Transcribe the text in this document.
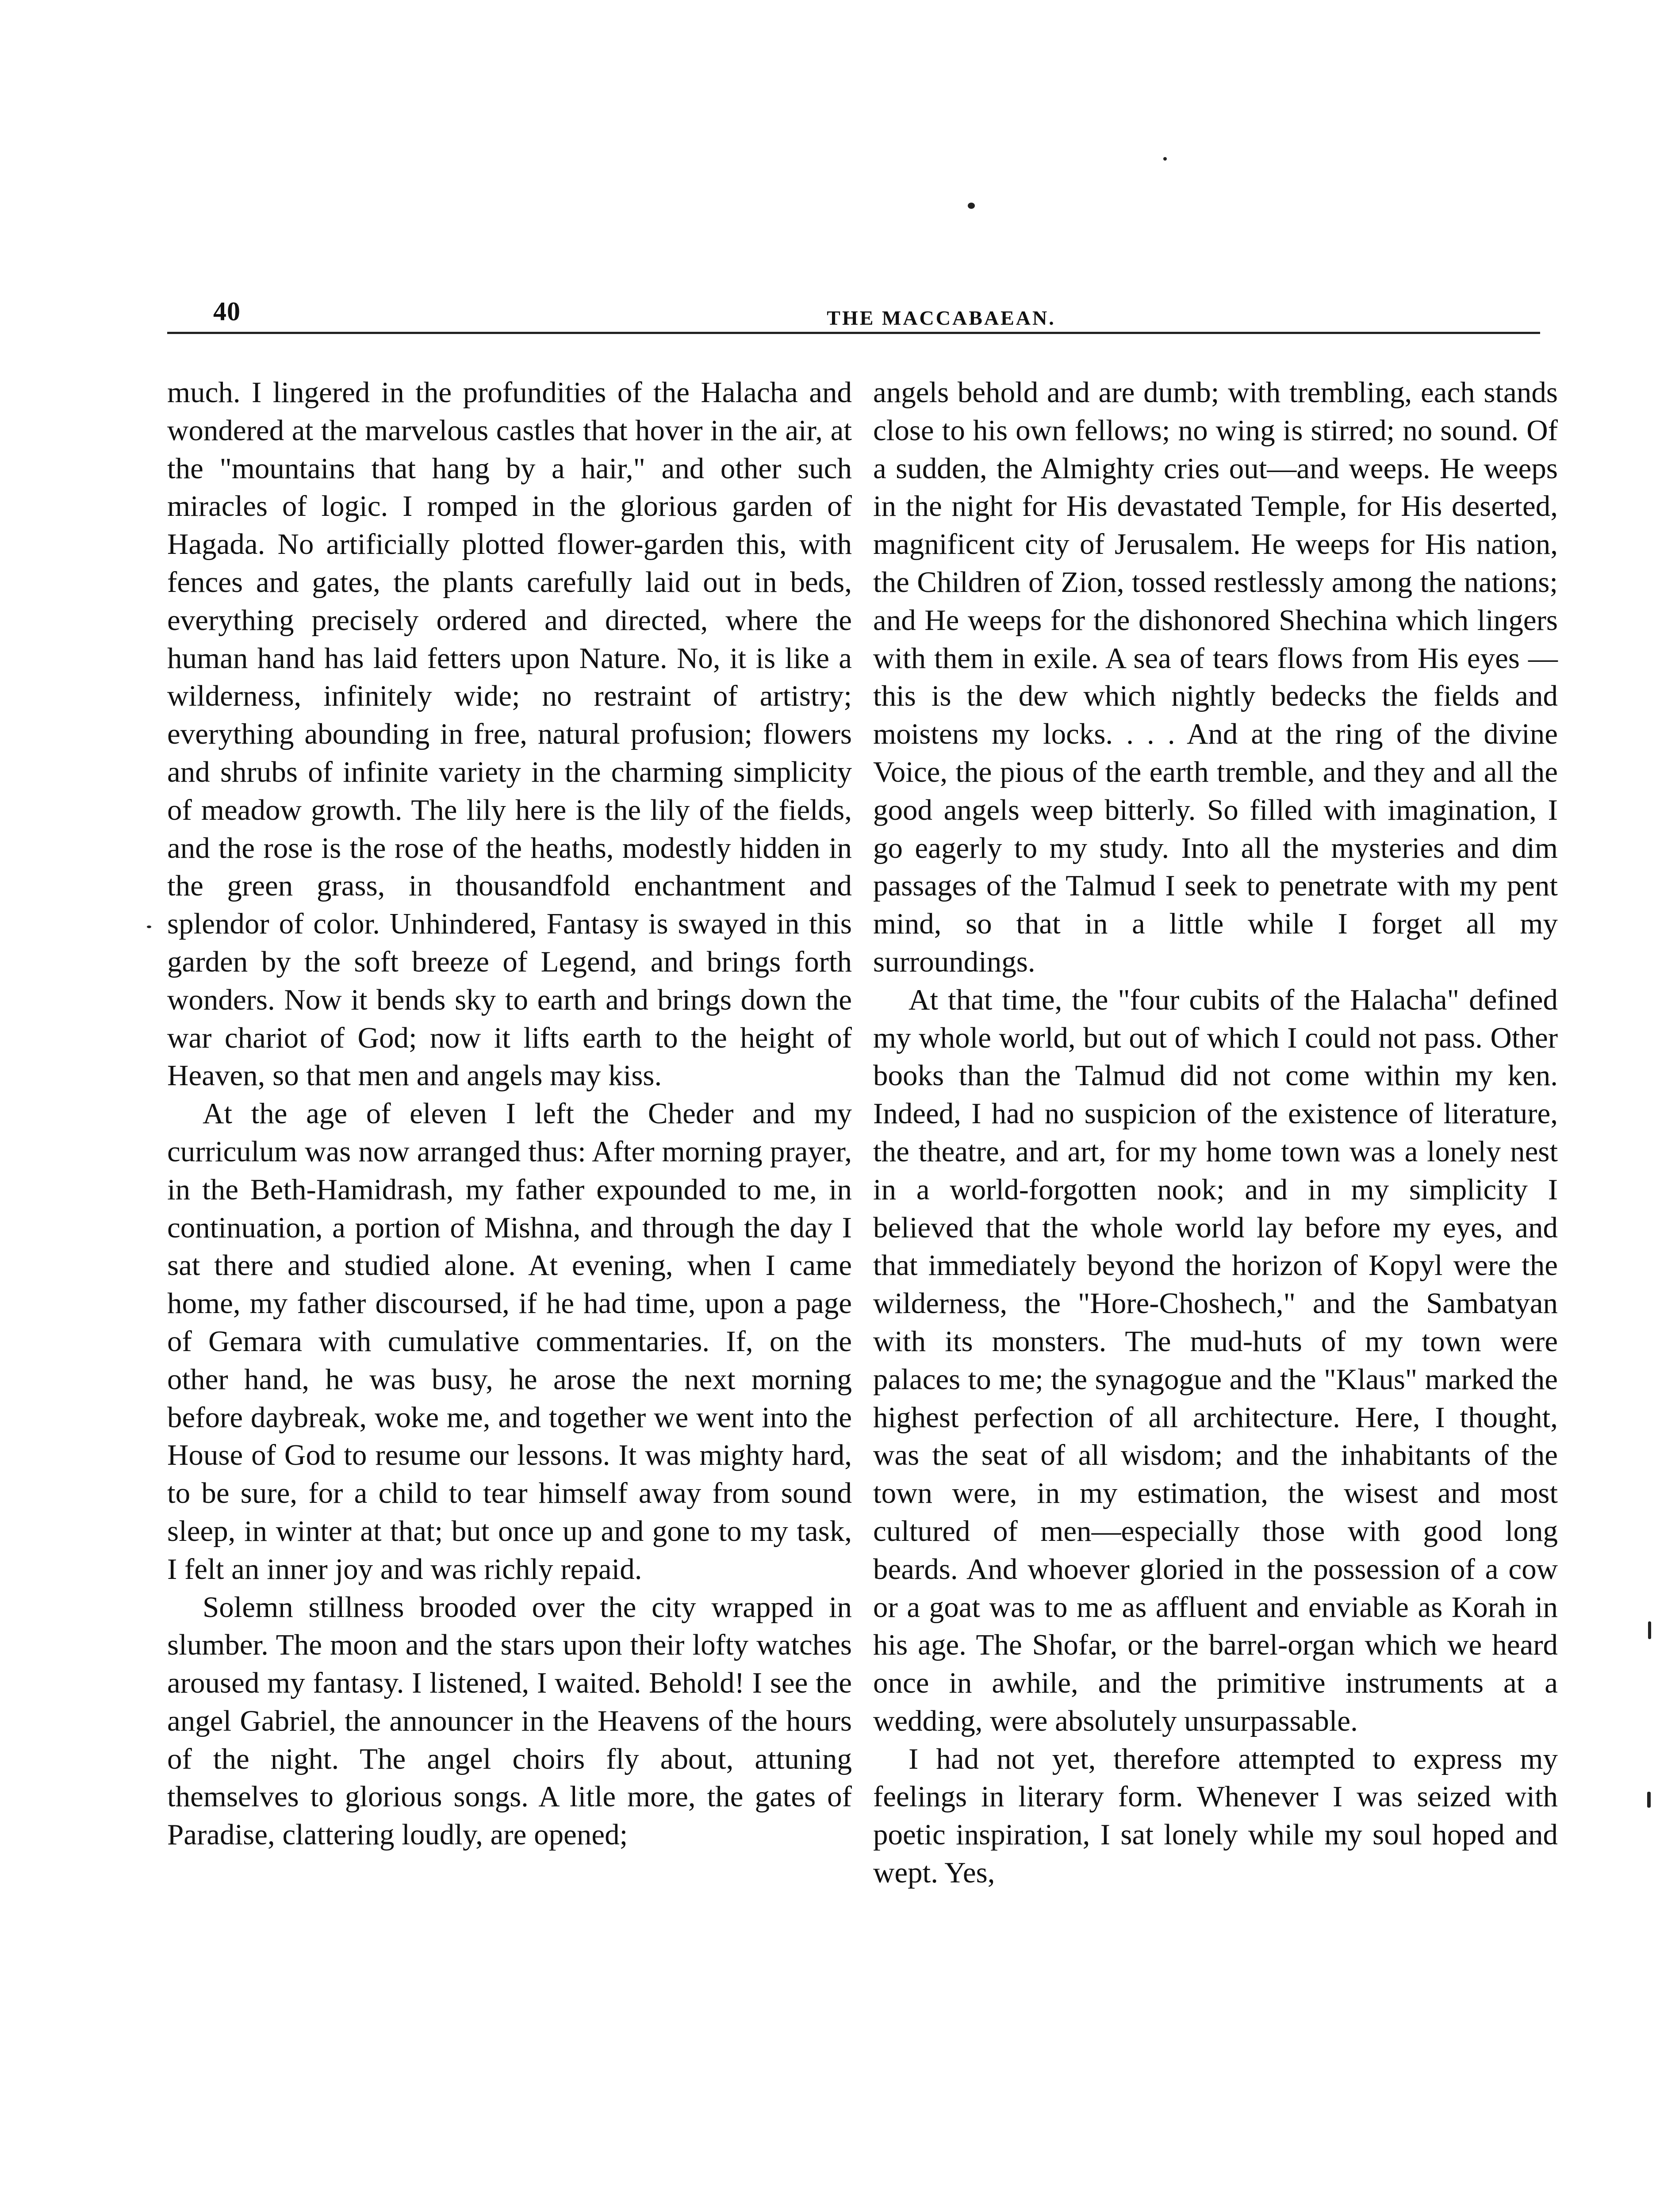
40	THE MACCABAEAN.

much. I lingered in the profundities of the Halacha and wondered at the marvelous castles that hover in the air, at the "mountains that hang by a hair," and other such miracles of logic. I romped in the glorious garden of Hagada. No artificially plotted flower-garden this, with fences and gates, the plants carefully laid out in beds, everything precisely ordered and directed, where the human hand has laid fetters upon Nature. No, it is like a wilderness, infinitely wide; no restraint of artistry; everything abounding in free, natural profusion; flowers and shrubs of infinite variety in the charming simplicity of meadow growth. The lily here is the lily of the fields, and the rose is the rose of the heaths, modestly hidden in the green grass, in thousandfold enchantment and splendor of color. Unhindered, Fantasy is swayed in this garden by the soft breeze of Legend, and brings forth wonders. Now it bends sky to earth and brings down the war chariot of God; now it lifts earth to the height of Heaven, so that men and angels may kiss.

At the age of eleven I left the Cheder and my curriculum was now arranged thus: After morning prayer, in the Beth-Hamidrash, my father expounded to me, in continuation, a portion of Mishna, and through the day I sat there and studied alone. At evening, when I came home, my father discoursed, if he had time, upon a page of Gemara with cumulative commentaries. If, on the other hand, he was busy, he arose the next morning before daybreak, woke me, and together we went into the House of God to resume our lessons. It was mighty hard, to be sure, for a child to tear himself away from sound sleep, in winter at that; but once up and gone to my task, I felt an inner joy and was richly repaid.

Solemn stillness brooded over the city wrapped in slumber. The moon and the stars upon their lofty watches aroused my fantasy. I listened, I waited. Behold! I see the angel Gabriel, the announcer in the Heavens of the hours of the night. The angel choirs fly about, attuning themselves to glorious songs. A litle more, the gates of Paradise, clattering loudly, are opened;

angels behold and are dumb; with trembling, each stands close to his own fellows; no wing is stirred; no sound. Of a sudden, the Almighty cries out—and weeps. He weeps in the night for His devastated Temple, for His deserted, magnificent city of Jerusalem. He weeps for His nation, the Children of Zion, tossed restlessly among the nations; and He weeps for the dishonored Shechina which lingers with them in exile. A sea of tears flows from His eyes —this is the dew which nightly bedecks the fields and moistens my locks. . . . And at the ring of the divine Voice, the pious of the earth tremble, and they and all the good angels weep bitterly. So filled with imagination, I go eagerly to my study. Into all the mysteries and dim passages of the Talmud I seek to penetrate with my pent mind, so that in a little while I forget all my surroundings.

At that time, the "four cubits of the Halacha" defined my whole world, but out of which I could not pass. Other books than the Talmud did not come within my ken. Indeed, I had no suspicion of the existence of literature, the theatre, and art, for my home town was a lonely nest in a world-forgotten nook; and in my simplicity I believed that the whole world lay before my eyes, and that immediately beyond the horizon of Kopyl were the wilderness, the "Hore-Choshech," and the Sambatyan with its monsters. The mud-huts of my town were palaces to me; the synagogue and the "Klaus" marked the highest perfection of all architecture. Here, I thought, was the seat of all wisdom; and the inhabitants of the town were, in my estimation, the wisest and most cultured of men—especially those with good long beards. And whoever gloried in the possession of a cow or a goat was to me as affluent and enviable as Korah in his age. The Shofar, or the barrel-organ which we heard once in awhile, and the primitive instruments at a wedding, were absolutely unsurpassable.

I had not yet, therefore attempted to express my feelings in literary form. Whenever I was seized with poetic inspiration, I sat lonely while my soul hoped and wept. Yes,
